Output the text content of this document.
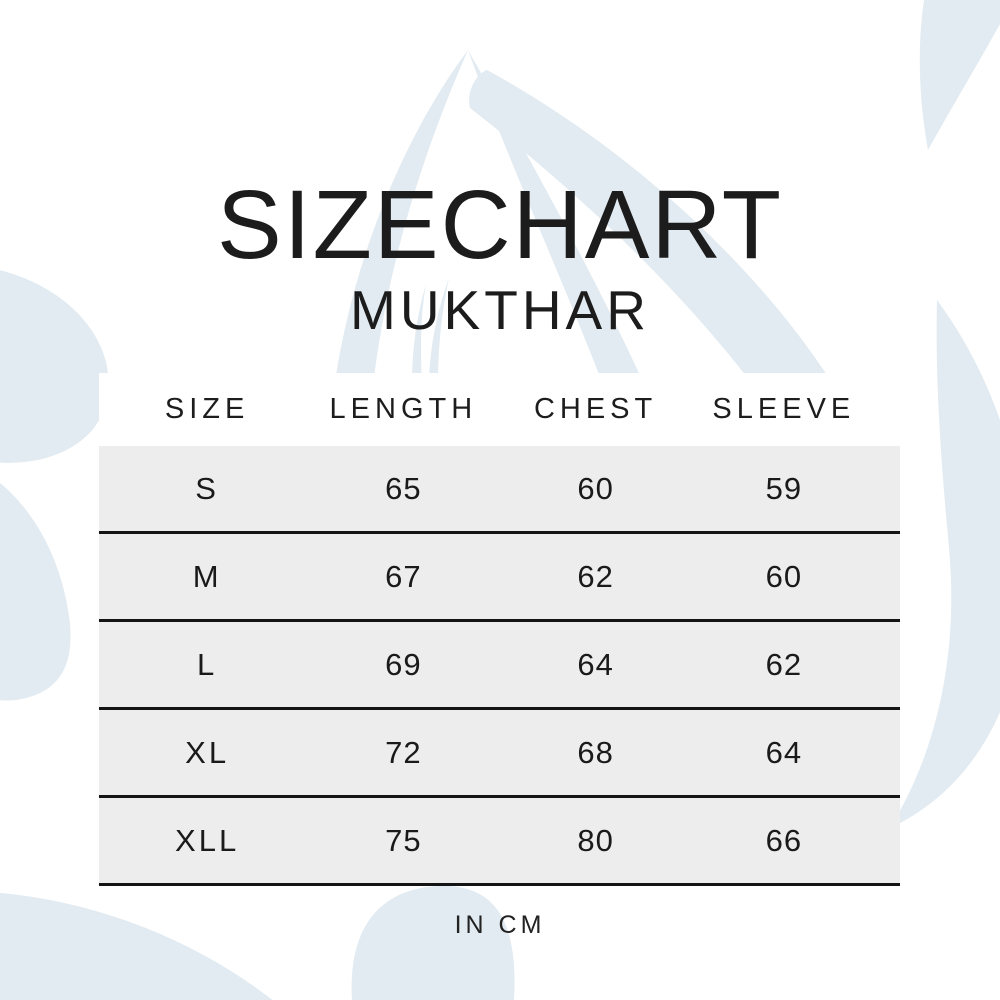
SIZECHART
MUKTHAR
SIZE	LENGTH	CHEST	SLEEVE
S	65	60	59
M	67	62	60
L	69	64	62
XL	72	68	64
XLL	75	80	66
IN CM
